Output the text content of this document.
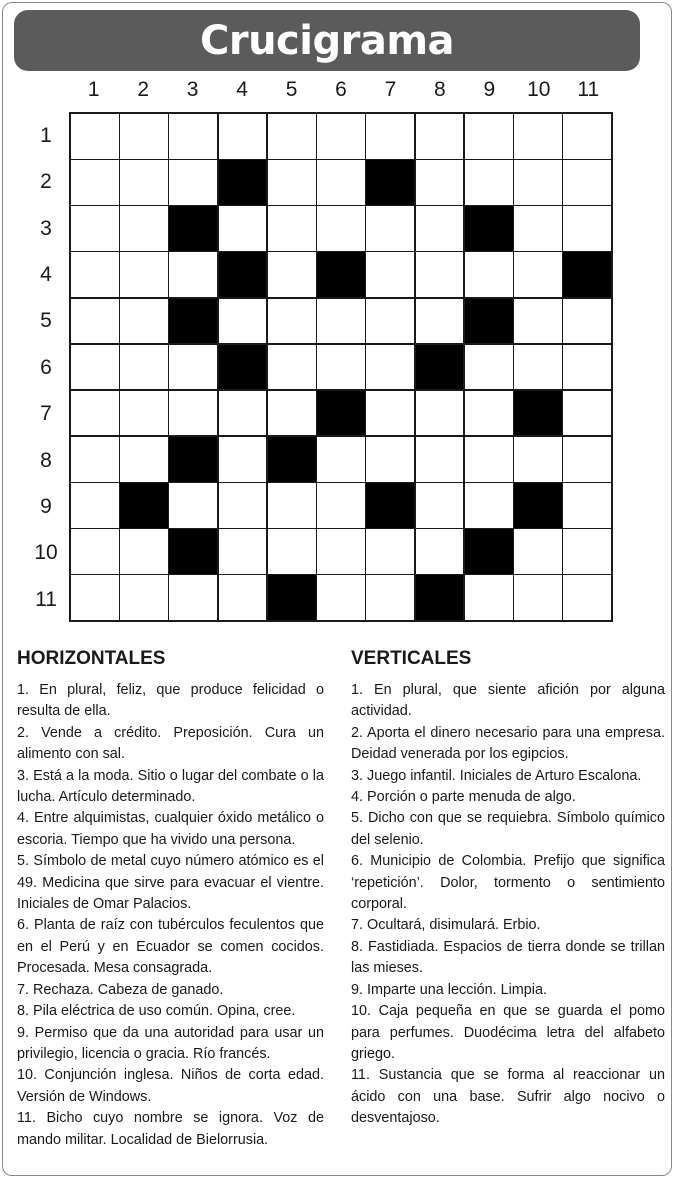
Crucigrama
1	2	3	4	5	6	7	8	9	10	11
1
2
3
4
5
6
7
8
9
10
11
HORIZONTALES
1. En plural, feliz, que produce felicidad o resulta de ella.
2. Vende a crédito. Preposición. Cura un alimento con sal.
3. Está a la moda. Sitio o lugar del combate o la lucha. Artículo determinado.
4. Entre alquimistas, cualquier óxido metálico o escoria. Tiempo que ha vivido una persona.
5. Símbolo de metal cuyo número atómico es el 49. Medicina que sirve para evacuar el vientre. Iniciales de Omar Palacios.
6. Planta de raíz con tubérculos feculentos que en el Perú y en Ecuador se comen cocidos. Procesada. Mesa consagrada.
7. Rechaza. Cabeza de ganado.
8. Pila eléctrica de uso común. Opina, cree.
9. Permiso que da una autoridad para usar un privilegio, licencia o gracia. Río francés.
10. Conjunción inglesa. Niños de corta edad. Versión de Windows.
11. Bicho cuyo nombre se ignora. Voz de mando militar. Localidad de Bielorrusia.
VERTICALES
1. En plural, que siente afición por alguna actividad.
2. Aporta el dinero necesario para una empresa. Deidad venerada por los egipcios.
3. Juego infantil. Iniciales de Arturo Escalona.
4. Porción o parte menuda de algo.
5. Dicho con que se requiebra. Símbolo químico del selenio.
6. Municipio de Colombia. Prefijo que significa ‘repetición’. Dolor, tormento o sentimiento corporal.
7. Ocultará, disimulará. Erbio.
8. Fastidiada. Espacios de tierra donde se trillan las mieses.
9. Imparte una lección. Limpia.
10. Caja pequeña en que se guarda el pomo para perfumes. Duodécima letra del alfabeto griego.
11. Sustancia que se forma al reaccionar un ácido con una base. Sufrir algo nocivo o desventajoso.
